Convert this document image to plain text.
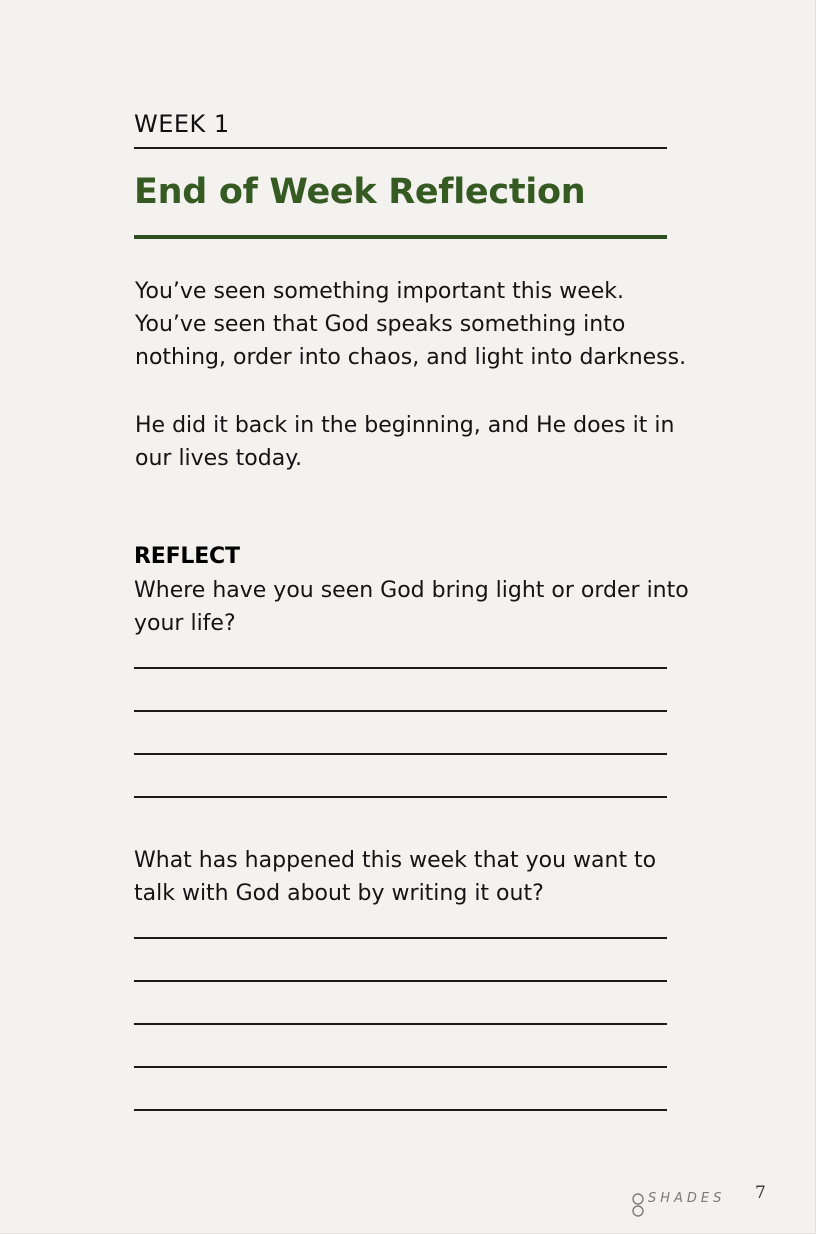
WEEK 1
End of Week Reflection
You’ve seen something important this week. You’ve seen that God speaks something into nothing, order into chaos, and light into darkness.
He did it back in the beginning, and He does it in our lives today.
REFLECT
Where have you seen God bring light or order into your life?
What has happened this week that you want to talk with God about by writing it out?
SHADES 7
